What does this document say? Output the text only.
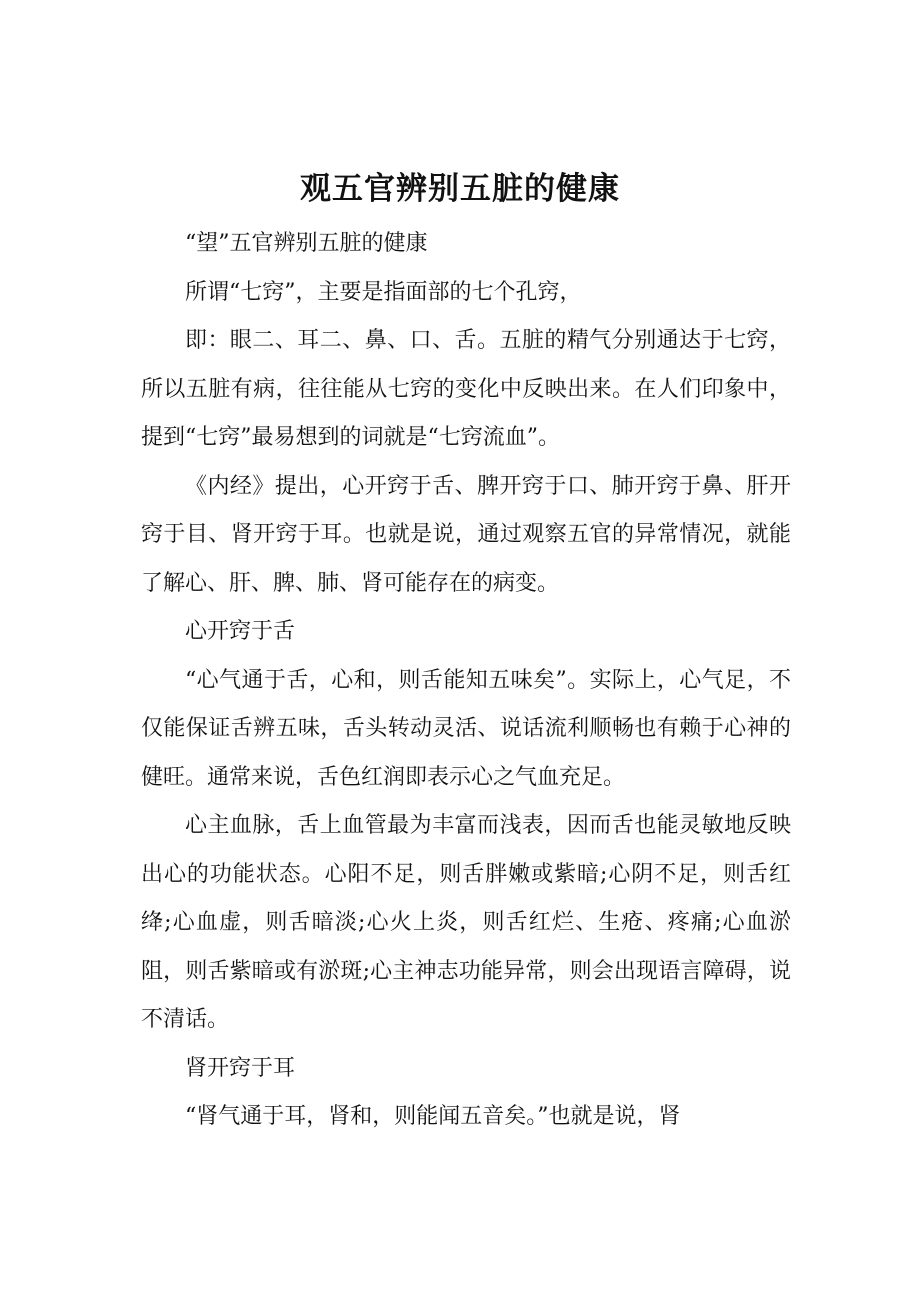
观五官辨别五脏的健康

“望”五官辨别五脏的健康

所谓“七窍”，主要是指面部的七个孔窍，

即：眼二、耳二、鼻、口、舌。五脏的精气分别通达于七窍，所以五脏有病，往往能从七窍的变化中反映出来。在人们印象中，提到“七窍”最易想到的词就是“七窍流血”。

《内经》提出，心开窍于舌、脾开窍于口、肺开窍于鼻、肝开窍于目、肾开窍于耳。也就是说，通过观察五官的异常情况，就能了解心、肝、脾、肺、肾可能存在的病变。

心开窍于舌

“心气通于舌，心和，则舌能知五味矣”。实际上，心气足，不仅能保证舌辨五味，舌头转动灵活、说话流利顺畅也有赖于心神的健旺。通常来说，舌色红润即表示心之气血充足。

心主血脉，舌上血管最为丰富而浅表，因而舌也能灵敏地反映出心的功能状态。心阳不足，则舌胖嫩或紫暗;心阴不足，则舌红绛;心血虚，则舌暗淡;心火上炎，则舌红烂、生疮、疼痛;心血淤阻，则舌紫暗或有淤斑;心主神志功能异常，则会出现语言障碍，说不清话。

肾开窍于耳

“肾气通于耳，肾和，则能闻五音矣。”也就是说，肾
